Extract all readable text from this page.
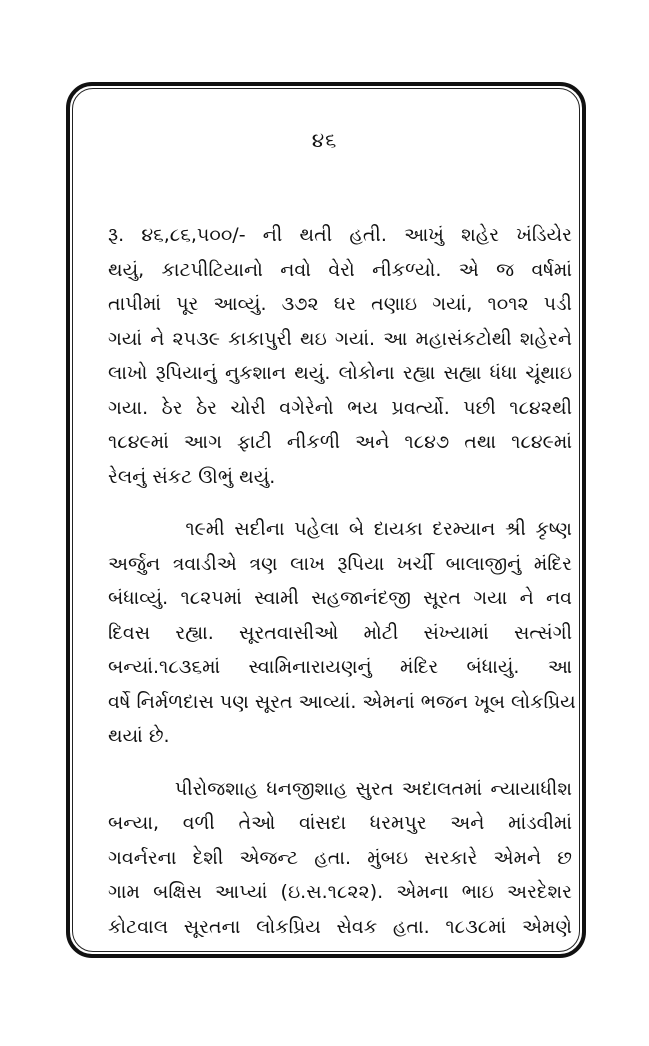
૪૬

રૂ. ૪૬,૮૬,૫૦૦/- ની થતી હતી. આખું શહેર ખંડિયેર
થયું, કાટપીટિયાનો નવો વેરો નીકળ્યો. એ જ વર્ષમાં
તાપીમાં પૂર આવ્યું. ૩૭૨ ઘર તણાઇ ગયાં, ૧૦૧૨ પડી
ગયાં ને ૨૫૩૯ કાકાપુરી થઇ ગયાં. આ મહાસંકટોથી શહેરને
લાખો રૂપિયાનું નુકશાન થયું. લોકોના રહ્યા સહ્યા ધંધા ચૂંથાઇ
ગયા. ઠેર ઠેર ચોરી વગેરેનો ભય પ્રવર્ત્યો. પછી ૧૮૪૨થી
૧૮૪૯માં આગ ફાટી નીકળી અને ૧૮૪૭ તથા ૧૮૪૯માં
રેલનું સંકટ ઊભું થયું.

૧૯મી સદીના પહેલા બે દાયકા દરમ્યાન શ્રી કૃષ્ણ
અર્જુન ત્રવાડીએ ત્રણ લાખ રૂપિયા ખર્ચી બાલાજીનું મંદિર
બંધાવ્યું. ૧૮૨૫માં સ્વામી સહજાનંદજી સૂરત ગયા ને નવ
દિવસ રહ્યા. સૂરતવાસીઓ મોટી સંખ્યામાં સત્સંગી
બન્યાં.૧૮૩૬માં સ્વામિનારાયણનું મંદિર બંધાયું. આ
વર્ષે નિર્મળદાસ પણ સૂરત આવ્યાં. એમનાં ભજન ખૂબ લોકપ્રિય
થયાં છે.

પીરોજશાહ ધનજીશાહ સુરત અદાલતમાં ન્યાયાધીશ
બન્યા, વળી તેઓ વાંસદા ધરમપુર અને માંડવીમાં
ગવર્નરના દેશી એજન્ટ હતા. મુંબઇ સરકારે એમને છ
ગામ બક્ષિસ આપ્યાં (ઇ.સ.૧૮૨૨). એમના ભાઇ અરદેશર
કોટવાલ સૂરતના લોકપ્રિય સેવક હતા. ૧૮૩૮માં એમણે
